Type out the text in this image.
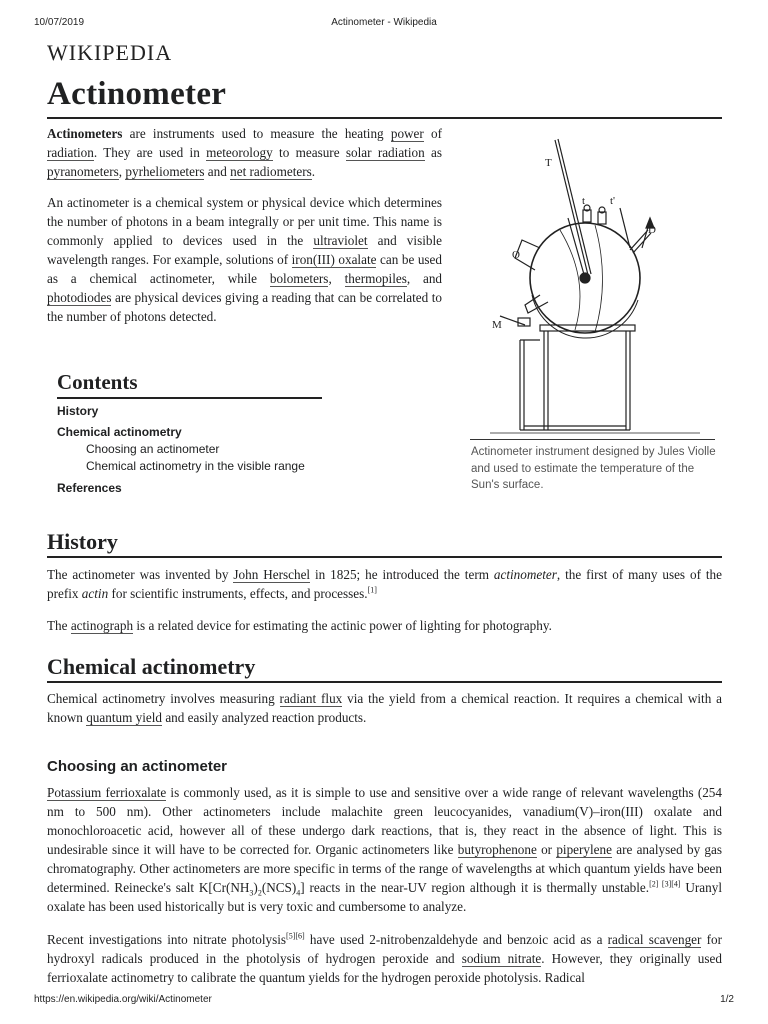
10/07/2019	Actinometer - Wikipedia
WIKIPEDIA
Actinometer

Actinometers are instruments used to measure the heating power of radiation. They are used in meteorology to measure solar radiation as pyranometers, pyrheliometers and net radiometers.

An actinometer is a chemical system or physical device which determines the number of photons in a beam integrally or per unit time. This name is commonly applied to devices used in the ultraviolet and visible wavelength ranges. For example, solutions of iron(III) oxalate can be used as a chemical actinometer, while bolometers, thermopiles, and photodiodes are physical devices giving a reading that can be correlated to the number of photons detected.

T
t t'
O
D
M
Actinometer instrument designed by Jules Violle and used to estimate the temperature of the Sun's surface.
Contents
History
Chemical actinometry
Choosing an actinometer
Chemical actinometry in the visible range
References
History

The actinometer was invented by John Herschel in 1825; he introduced the term actinometer, the first of many uses of the prefix actin for scientific instruments, effects, and processes.[1]

The actinograph is a related device for estimating the actinic power of lighting for photography.

Chemical actinometry

Chemical actinometry involves measuring radiant flux via the yield from a chemical reaction. It requires a chemical with a known quantum yield and easily analyzed reaction products.

Choosing an actinometer

Potassium ferrioxalate is commonly used, as it is simple to use and sensitive over a wide range of relevant wavelengths (254 nm to 500 nm). Other actinometers include malachite green leucocyanides, vanadium(V)–iron(III) oxalate and monochloroacetic acid, however all of these undergo dark reactions, that is, they react in the absence of light. This is undesirable since it will have to be corrected for. Organic actinometers like butyrophenone or piperylene are analysed by gas chromatography. Other actinometers are more specific in terms of the range of wavelengths at which quantum yields have been determined. Reinecke's salt $K[Cr(NH_3)_2(NCS)_4]$ reacts in the near-UV region although it is thermally unstable.[2] [3][4] Uranyl oxalate has been used historically but is very toxic and cumbersome to analyze.

Recent investigations into nitrate photolysis[5][6] have used 2-nitrobenzaldehyde and benzoic acid as a radical scavenger for hydroxyl radicals produced in the photolysis of hydrogen peroxide and sodium nitrate. However, they originally used ferrioxalate actinometry to calibrate the quantum yields for the hydrogen peroxide photolysis. Radical

https://en.wikipedia.org/wiki/Actinometer	1/2
